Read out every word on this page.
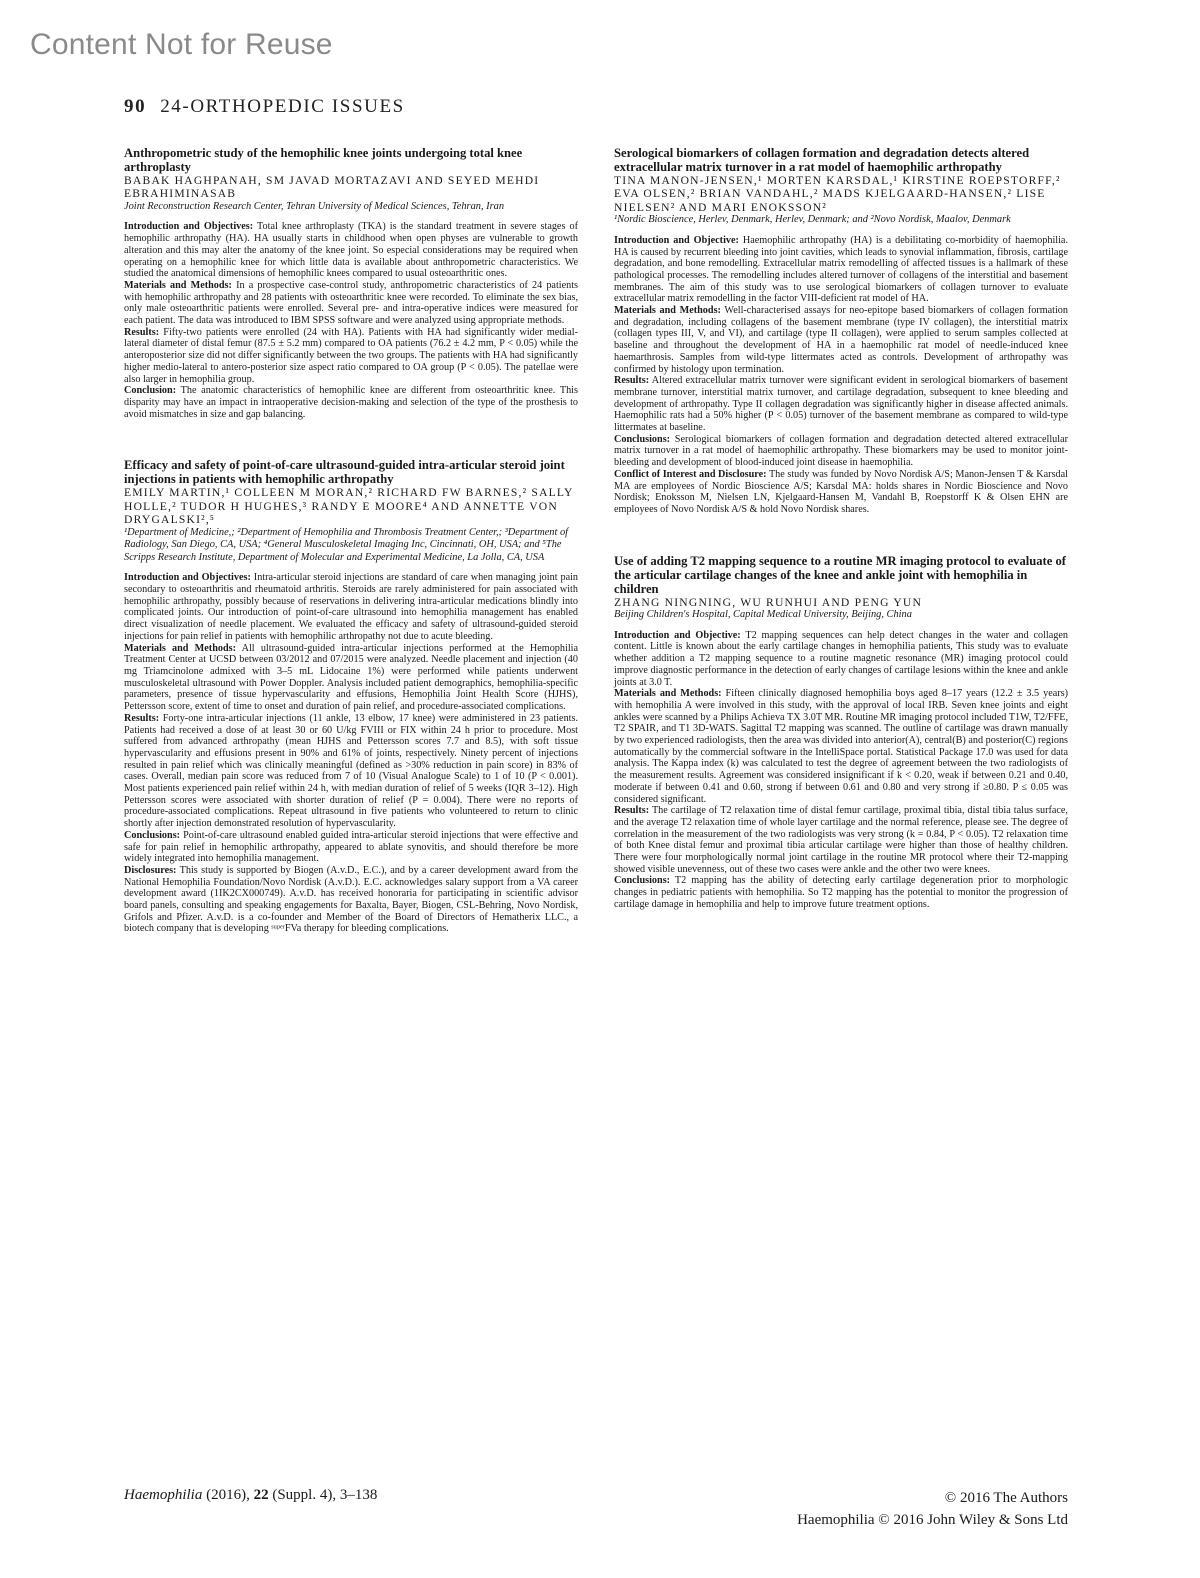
Content Not for Reuse
90 24-ORTHOPEDIC ISSUES

Anthropometric study of the hemophilic knee joints undergoing total knee arthroplasty

BABAK HAGHPANAH, SM JAVAD MORTAZAVI AND SEYED MEHDI EBRAHIMINASAB

Joint Reconstruction Research Center, Tehran University of Medical Sciences, Tehran, Iran

Introduction and Objectives: Total knee arthroplasty (TKA) is the standard treatment in severe stages of hemophilic arthropathy (HA). HA usually starts in childhood when open physes are vulnerable to growth alteration and this may alter the anatomy of the knee joint. So especial considerations may be required when operating on a hemophilic knee for which little data is available about anthropometric characteristics. We studied the anatomical dimensions of hemophilic knees compared to usual osteoarthritic ones.

Materials and Methods: In a prospective case-control study, anthropometric characteristics of 24 patients with hemophilic arthropathy and 28 patients with osteoarthritic knee were recorded. To eliminate the sex bias, only male osteoarthritic patients were enrolled. Several pre- and intra-operative indices were measured for each patient. The data was introduced to IBM SPSS software and were analyzed using appropriate methods.

Results: Fifty-two patients were enrolled (24 with HA). Patients with HA had significantly wider medial-lateral diameter of distal femur (87.5 ± 5.2 mm) compared to OA patients (76.2 ± 4.2 mm, P < 0.05) while the anteroposterior size did not differ significantly between the two groups. The patients with HA had significantly higher medio-lateral to antero-posterior size aspect ratio compared to OA group (P < 0.05). The patellae were also larger in hemophilia group.

Conclusion: The anatomic characteristics of hemophilic knee are different from osteoarthritic knee. This disparity may have an impact in intraoperative decision-making and selection of the type of the prosthesis to avoid mismatches in size and gap balancing.

Efficacy and safety of point-of-care ultrasound-guided intra-articular steroid joint injections in patients with hemophilic arthropathy

EMILY MARTIN,¹ COLLEEN M MORAN,² RICHARD FW BARNES,² SALLY HOLLE,² TUDOR H HUGHES,³ RANDY E MOORE⁴ AND ANNETTE VON DRYGALSKI²,⁵

¹Department of Medicine,; ²Department of Hemophilia and Thrombosis Treatment Center,; ³Department of Radiology, San Diego, CA, USA; ⁴General Musculoskeletal Imaging Inc, Cincinnati, OH, USA; and ⁵The Scripps Research Institute, Department of Molecular and Experimental Medicine, La Jolla, CA, USA

Introduction and Objectives: Intra-articular steroid injections are standard of care when managing joint pain secondary to osteoarthritis and rheumatoid arthritis. Steroids are rarely administered for pain associated with hemophilic arthropathy, possibly because of reservations in delivering intra-articular medications blindly into complicated joints. Our introduction of point-of-care ultrasound into hemophilia management has enabled direct visualization of needle placement. We evaluated the efficacy and safety of ultrasound-guided steroid injections for pain relief in patients with hemophilic arthropathy not due to acute bleeding.

Materials and Methods: All ultrasound-guided intra-articular injections performed at the Hemophilia Treatment Center at UCSD between 03/2012 and 07/2015 were analyzed. Needle placement and injection (40 mg Triamcinolone admixed with 3–5 mL Lidocaine 1%) were performed while patients underwent musculoskeletal ultrasound with Power Doppler. Analysis included patient demographics, hemophilia-specific parameters, presence of tissue hypervascularity and effusions, Hemophilia Joint Health Score (HJHS), Pettersson score, extent of time to onset and duration of pain relief, and procedure-associated complications.

Results: Forty-one intra-articular injections (11 ankle, 13 elbow, 17 knee) were administered in 23 patients. Patients had received a dose of at least 30 or 60 U/kg FVIII or FIX within 24 h prior to procedure. Most suffered from advanced arthropathy (mean HJHS and Pettersson scores 7.7 and 8.5), with soft tissue hypervascularity and effusions present in 90% and 61% of joints, respectively. Ninety percent of injections resulted in pain relief which was clinically meaningful (defined as >30% reduction in pain score) in 83% of cases. Overall, median pain score was reduced from 7 of 10 (Visual Analogue Scale) to 1 of 10 (P < 0.001). Most patients experienced pain relief within 24 h, with median duration of relief of 5 weeks (IQR 3–12). High Pettersson scores were associated with shorter duration of relief (P = 0.004). There were no reports of procedure-associated complications. Repeat ultrasound in five patients who volunteered to return to clinic shortly after injection demonstrated resolution of hypervascularity.

Conclusions: Point-of-care ultrasound enabled guided intra-articular steroid injections that were effective and safe for pain relief in hemophilic arthropathy, appeared to ablate synovitis, and should therefore be more widely integrated into hemophilia management.

Disclosures: This study is supported by Biogen (A.v.D., E.C.), and by a career development award from the National Hemophilia Foundation/Novo Nordisk (A.v.D.). E.C. acknowledges salary support from a VA career development award (1IK2CX000749). A.v.D. has received honoraria for participating in scientific advisor board panels, consulting and speaking engagements for Baxalta, Bayer, Biogen, CSL-Behring, Novo Nordisk, Grifols and Pfizer. A.v.D. is a co-founder and Member of the Board of Directors of Hematherix LLC., a biotech company that is developing ˢᵘᵖᵉʳFVa therapy for bleeding complications.

Serological biomarkers of collagen formation and degradation detects altered extracellular matrix turnover in a rat model of haemophilic arthropathy

TINA MANON-JENSEN,¹ MORTEN KARSDAL,¹ KIRSTINE ROEPSTORFF,² EVA OLSEN,² BRIAN VANDAHL,² MADS KJELGAARD-HANSEN,² LISE NIELSEN² AND MARI ENOKSSON²

¹Nordic Bioscience, Herlev, Denmark, Herlev, Denmark; and ²Novo Nordisk, Maalov, Denmark

Introduction and Objective: Haemophilic arthropathy (HA) is a debilitating co-morbidity of haemophilia. HA is caused by recurrent bleeding into joint cavities, which leads to synovial inflammation, fibrosis, cartilage degradation, and bone remodelling. Extracellular matrix remodelling of affected tissues is a hallmark of these pathological processes. The remodelling includes altered turnover of collagens of the interstitial and basement membranes. The aim of this study was to use serological biomarkers of collagen turnover to evaluate extracellular matrix remodelling in the factor VIII-deficient rat model of HA.

Materials and Methods: Well-characterised assays for neo-epitope based biomarkers of collagen formation and degradation, including collagens of the basement membrane (type IV collagen), the interstitial matrix (collagen types III, V, and VI), and cartilage (type II collagen), were applied to serum samples collected at baseline and throughout the development of HA in a haemophilic rat model of needle-induced knee haemarthrosis. Samples from wild-type littermates acted as controls. Development of arthropathy was confirmed by histology upon termination.

Results: Altered extracellular matrix turnover were significant evident in serological biomarkers of basement membrane turnover, interstitial matrix turnover, and cartilage degradation, subsequent to knee bleeding and development of arthropathy. Type II collagen degradation was significantly higher in disease affected animals. Haemophilic rats had a 50% higher (P < 0.05) turnover of the basement membrane as compared to wild-type littermates at baseline.

Conclusions: Serological biomarkers of collagen formation and degradation detected altered extracellular matrix turnover in a rat model of haemophilic arthropathy. These biomarkers may be used to monitor joint-bleeding and development of blood-induced joint disease in haemophilia.

Conflict of Interest and Disclosure: The study was funded by Novo Nordisk A/S; Manon-Jensen T & Karsdal MA are employees of Nordic Bioscience A/S; Karsdal MA: holds shares in Nordic Bioscience and Novo Nordisk; Enoksson M, Nielsen LN, Kjelgaard-Hansen M, Vandahl B, Roepstorff K & Olsen EHN are employees of Novo Nordisk A/S & hold Novo Nordisk shares.

Use of adding T2 mapping sequence to a routine MR imaging protocol to evaluate of the articular cartilage changes of the knee and ankle joint with hemophilia in children

ZHANG NINGNING, WU RUNHUI AND PENG YUN

Beijing Children's Hospital, Capital Medical University, Beijing, China

Introduction and Objective: T2 mapping sequences can help detect changes in the water and collagen content. Little is known about the early cartilage changes in hemophilia patients, This study was to evaluate whether addition a T2 mapping sequence to a routine magnetic resonance (MR) imaging protocol could improve diagnostic performance in the detection of early changes of cartilage lesions within the knee and ankle joints at 3.0 T.

Materials and Methods: Fifteen clinically diagnosed hemophilia boys aged 8–17 years (12.2 ± 3.5 years) with hemophilia A were involved in this study, with the approval of local IRB. Seven knee joints and eight ankles were scanned by a Philips Achieva TX 3.0T MR. Routine MR imaging protocol included T1W, T2/FFE, T2 SPAIR, and T1 3D-WATS. Sagittal T2 mapping was scanned. The outline of cartilage was drawn manually by two experienced radiologists, then the area was divided into anterior(A), central(B) and posterior(C) regions automatically by the commercial software in the IntelliSpace portal. Statistical Package 17.0 was used for data analysis. The Kappa index (k) was calculated to test the degree of agreement between the two radiologists of the measurement results. Agreement was considered insignificant if k < 0.20, weak if between 0.21 and 0.40, moderate if between 0.41 and 0.60, strong if between 0.61 and 0.80 and very strong if ≥0.80. P ≤ 0.05 was considered significant.

Results: The cartilage of T2 relaxation time of distal femur cartilage, proximal tibia, distal tibia talus surface, and the average T2 relaxation time of whole layer cartilage and the normal reference, please see. The degree of correlation in the measurement of the two radiologists was very strong (k = 0.84, P < 0.05). T2 relaxation time of both Knee distal femur and proximal tibia articular cartilage were higher than those of healthy children. There were four morphologically normal joint cartilage in the routine MR protocol where their T2-mapping showed visible unevenness, out of these two cases were ankle and the other two were knees.

Conclusions: T2 mapping has the ability of detecting early cartilage degeneration prior to morphologic changes in pediatric patients with hemophilia. So T2 mapping has the potential to monitor the progression of cartilage damage in hemophilia and help to improve future treatment options.

Haemophilia (2016), 22 (Suppl. 4), 3–138	© 2016 The Authors
Haemophilia © 2016 John Wiley & Sons Ltd
